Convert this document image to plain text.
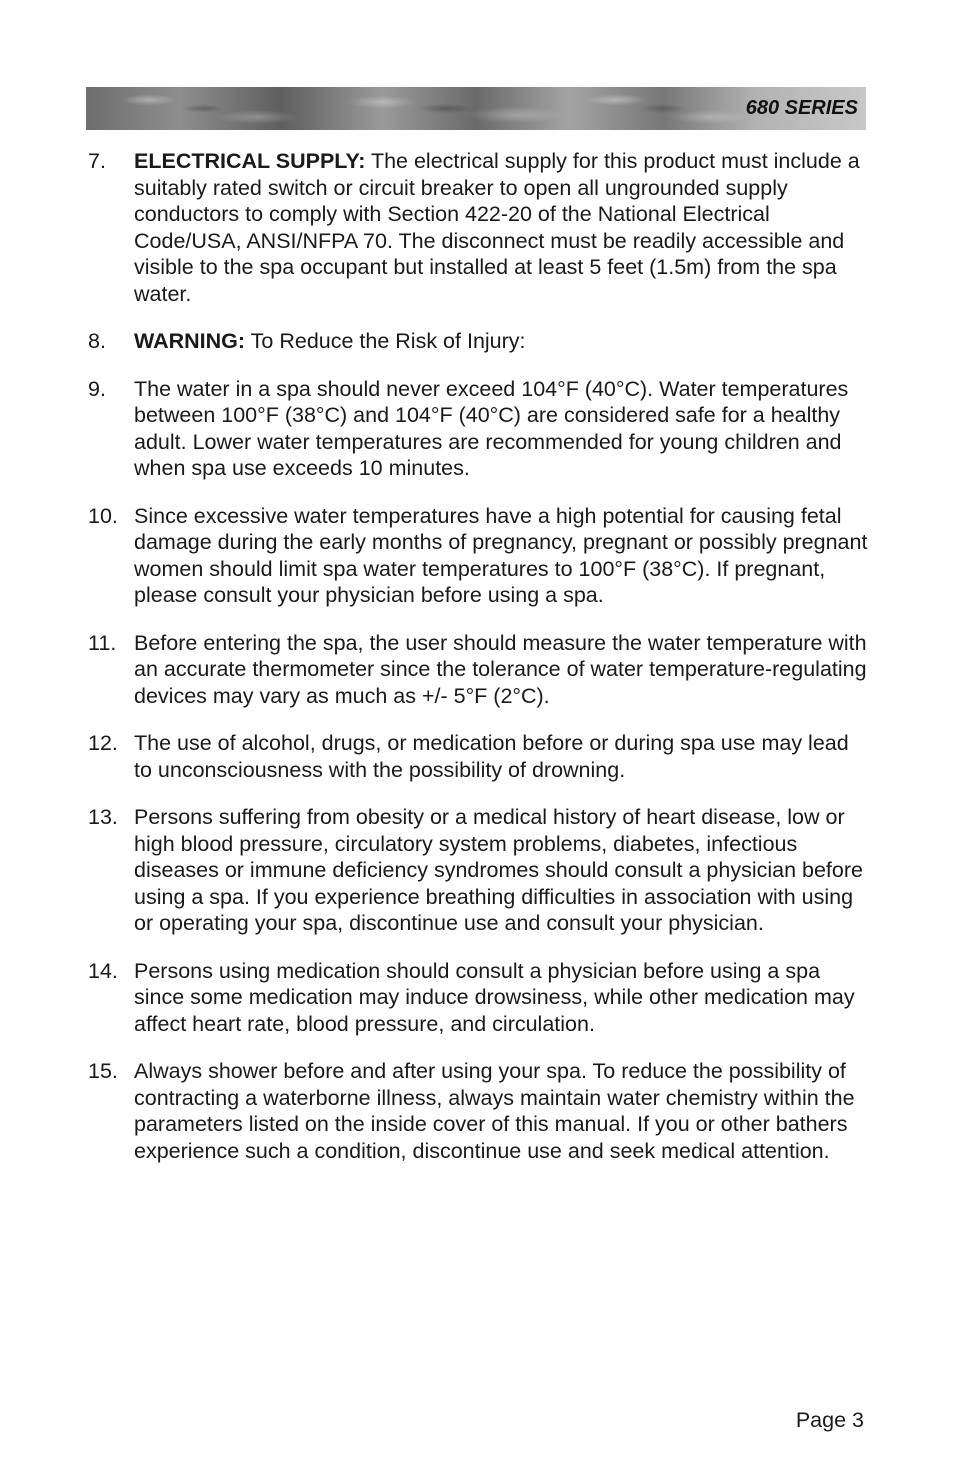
680 SERIES
7.	ELECTRICAL SUPPLY: The electrical supply for this product must include a suitably rated switch or circuit breaker to open all ungrounded supply conductors to comply with Section 422-20 of the National Electrical Code/USA, ANSI/NFPA 70. The disconnect must be readily accessible and visible to the spa occupant but installed at least 5 feet (1.5m) from the spa water.
8.	WARNING: To Reduce the Risk of Injury:
9.	The water in a spa should never exceed 104°F (40°C). Water temperatures between 100°F (38°C) and 104°F (40°C) are considered safe for a healthy adult. Lower water temperatures are recommended for young children and when spa use exceeds 10 minutes.
10. Since excessive water temperatures have a high potential for causing fetal damage during the early months of pregnancy, pregnant or possibly pregnant women should limit spa water temperatures to 100°F (38°C). If pregnant, please consult your physician before using a spa.
11. Before entering the spa, the user should measure the water temperature with an accurate thermometer since the tolerance of water temperature-regulating devices may vary as much as +/- 5°F (2°C).
12. The use of alcohol, drugs, or medication before or during spa use may lead to unconsciousness with the possibility of drowning.
13. Persons suffering from obesity or a medical history of heart disease, low or high blood pressure, circulatory system problems, diabetes, infectious diseases or immune deficiency syndromes should consult a physician before using a spa. If you experience breathing difficulties in association with using or operating your spa, discontinue use and consult your physician.
14. Persons using medication should consult a physician before using a spa since some medication may induce drowsiness, while other medication may affect heart rate, blood pressure, and circulation.
15. Always shower before and after using your spa. To reduce the possibility of contracting a waterborne illness, always maintain water chemistry within the parameters listed on the inside cover of this manual. If you or other bathers experience such a condition, discontinue use and seek medical attention.
Page 3
